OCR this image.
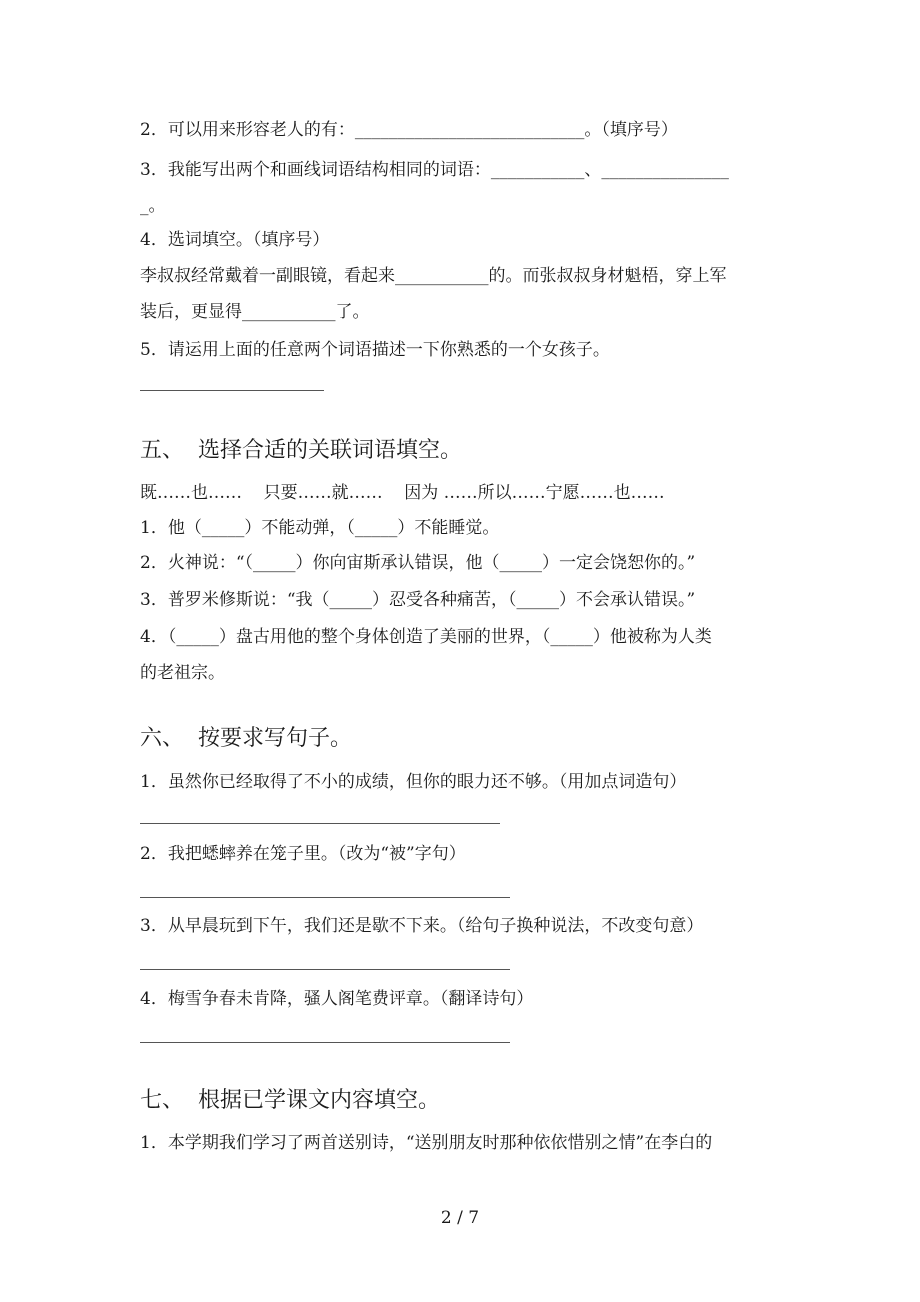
2．可以用来形容老人的有：___________________________。（填序号）
3．我能写出两个和画线词语结构相同的词语：___________、_______________
_。
4．选词填空。（填序号）
李叔叔经常戴着一副眼镜，看起来___________的。而张叔叔身材魁梧，穿上军
装后，更显得___________了。
5．请运用上面的任意两个词语描述一下你熟悉的一个女孩子。
五、  选择合适的关联词语填空。
既……也……    只要……就……    因为 ……所以……宁愿……也……
1．他（_____）不能动弹，（_____）不能睡觉。
2．火神说：“（_____）你向宙斯承认错误，他（_____）一定会饶恕你的。”
3．普罗米修斯说：“我（_____）忍受各种痛苦，（_____）不会承认错误。”
4．（_____）盘古用他的整个身体创造了美丽的世界，（_____）他被称为人类
的老祖宗。
六、  按要求写句子。
1．虽然你已经取得了不小的成绩，但你的眼力还不够。（用加点词造句）
2．我把蟋蟀养在笼子里。（改为“被”字句）
3．从早晨玩到下午，我们还是歇不下来。（给句子换种说法，不改变句意）
4．梅雪争春未肯降，骚人阁笔费评章。（翻译诗句）
七、  根据已学课文内容填空。
1．本学期我们学习了两首送别诗，“送别朋友时那种依依惜别之情”在李白的
2 / 7
